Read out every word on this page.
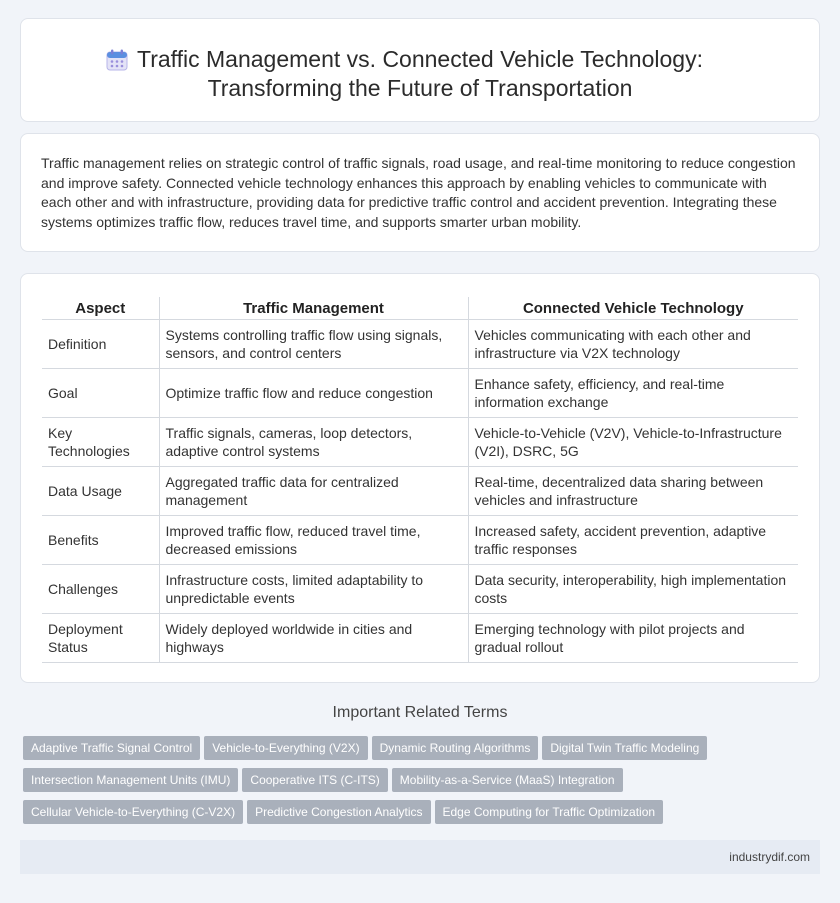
Traffic Management vs. Connected Vehicle Technology:
Transforming the Future of Transportation

Traffic management relies on strategic control of traffic signals, road usage, and real-time monitoring to reduce congestion and improve safety. Connected vehicle technology enhances this approach by enabling vehicles to communicate with each other and with infrastructure, providing data for predictive traffic control and accident prevention. Integrating these systems optimizes traffic flow, reduces travel time, and supports smarter urban mobility.

Aspect	Traffic Management	Connected Vehicle Technology
Definition	Systems controlling traffic flow using signals, sensors, and control centers	Vehicles communicating with each other and infrastructure via V2X technology
Goal	Optimize traffic flow and reduce congestion	Enhance safety, efficiency, and real-time information exchange
Key Technologies	Traffic signals, cameras, loop detectors, adaptive control systems	Vehicle-to-Vehicle (V2V), Vehicle-to-Infrastructure (V2I), DSRC, 5G
Data Usage	Aggregated traffic data for centralized management	Real-time, decentralized data sharing between vehicles and infrastructure
Benefits	Improved traffic flow, reduced travel time, decreased emissions	Increased safety, accident prevention, adaptive traffic responses
Challenges	Infrastructure costs, limited adaptability to unpredictable events	Data security, interoperability, high implementation costs
Deployment Status	Widely deployed worldwide in cities and highways	Emerging technology with pilot projects and gradual rollout
Important Related Terms
Adaptive Traffic Signal Control Vehicle-to-Everything (V2X) Dynamic Routing Algorithms Digital Twin Traffic Modeling
Intersection Management Units (IMU) Cooperative ITS (C-ITS) Mobility-as-a-Service (MaaS) Integration
Cellular Vehicle-to-Everything (C-V2X) Predictive Congestion Analytics Edge Computing for Traffic Optimization
industrydif.com
